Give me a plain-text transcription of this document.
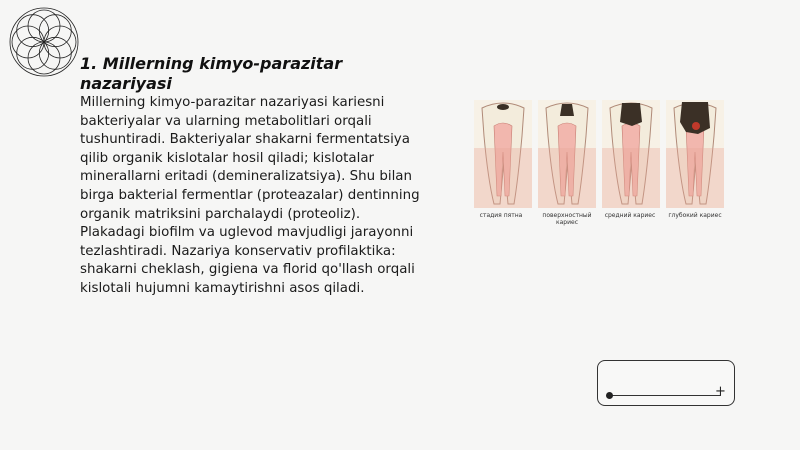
1. Millerning kimyo-parazitar nazariyasi

Millerning kimyo-parazitar nazariyasi kariesni bakteriyalar va ularning metabolitlari orqali tushuntiradi. Bakteriyalar shakarni fermentatsiya qilib organik kislotalar hosil qiladi; kislotalar minerallarni eritadi (demineralizatsiya). Shu bilan birga bakterial fermentlar (proteazalar) dentinning organik matriksini parchalaydi (proteoliz). Plakadagi biofilm va uglevod mavjudligi jarayonni tezlashtiradi. Nazariya konservativ profilaktika: shakarni cheklash, gigiena va florid qo'llash orqali kislotali hujumni kamaytirishni asos qiladi.

стадия пятна	поверхностный кариес
средний кариес	глубокий кариес
+
